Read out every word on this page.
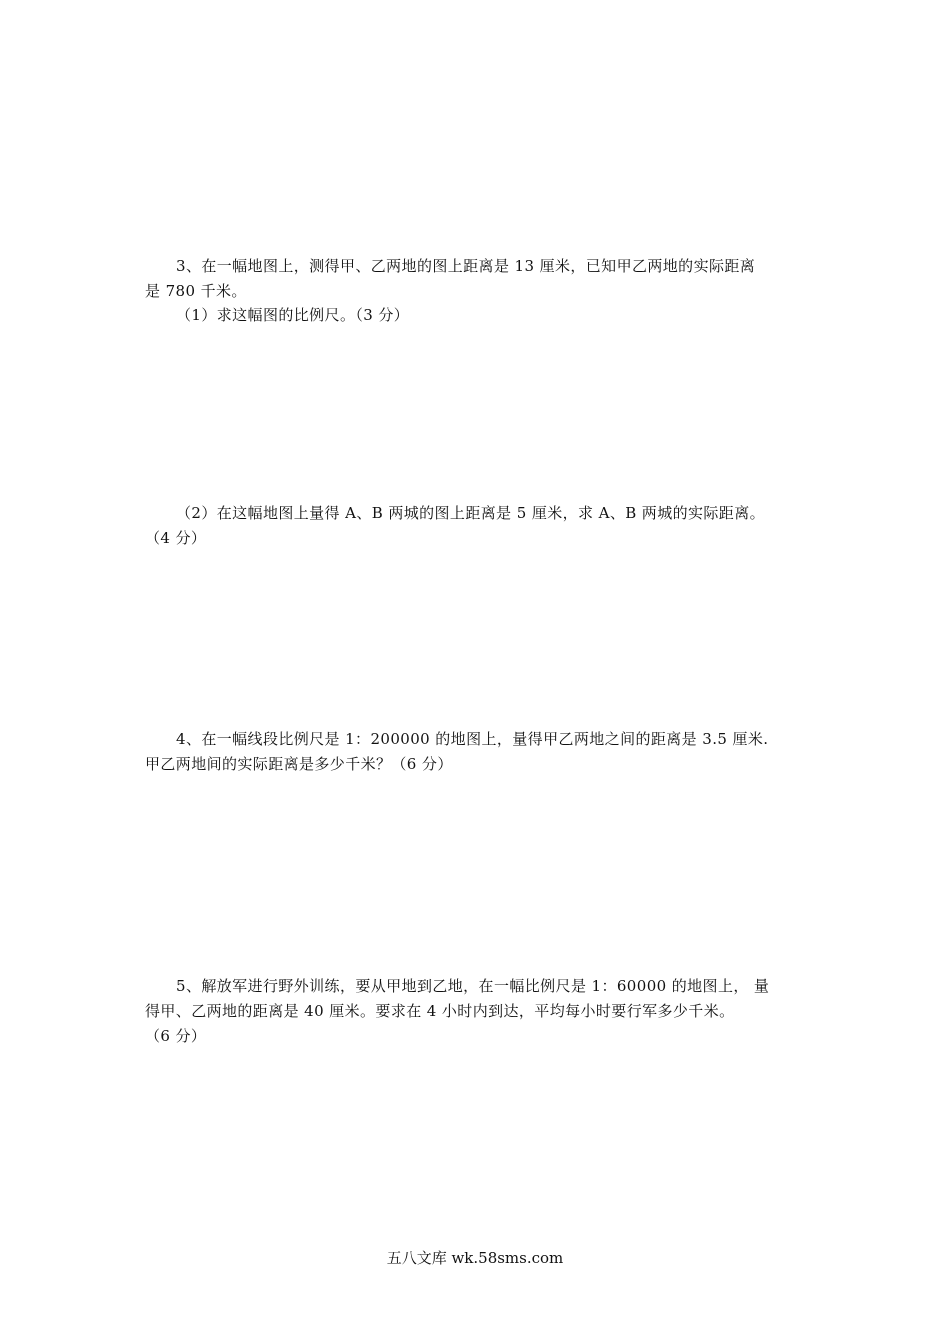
3、在一幅地图上，测得甲、乙两地的图上距离是 13 厘米，已知甲乙两地的实际距离
是 780 千米。
（1）求这幅图的比例尺。（3 分）
（2）在这幅地图上量得 A、B 两城的图上距离是 5 厘米，求 A、B 两城的实际距离。
（4 分）
4、在一幅线段比例尺是 1：200000 的地图上，量得甲乙两地之间的距离是 3.5 厘米.
甲乙两地间的实际距离是多少千米？（6 分）
5、解放军进行野外训练，要从甲地到乙地，在一幅比例尺是 1：60000 的地图上， 量
得甲、乙两地的距离是 40 厘米。要求在 4 小时内到达，平均每小时要行军多少千米。
（6 分）
五八文库 wk.58sms.com
